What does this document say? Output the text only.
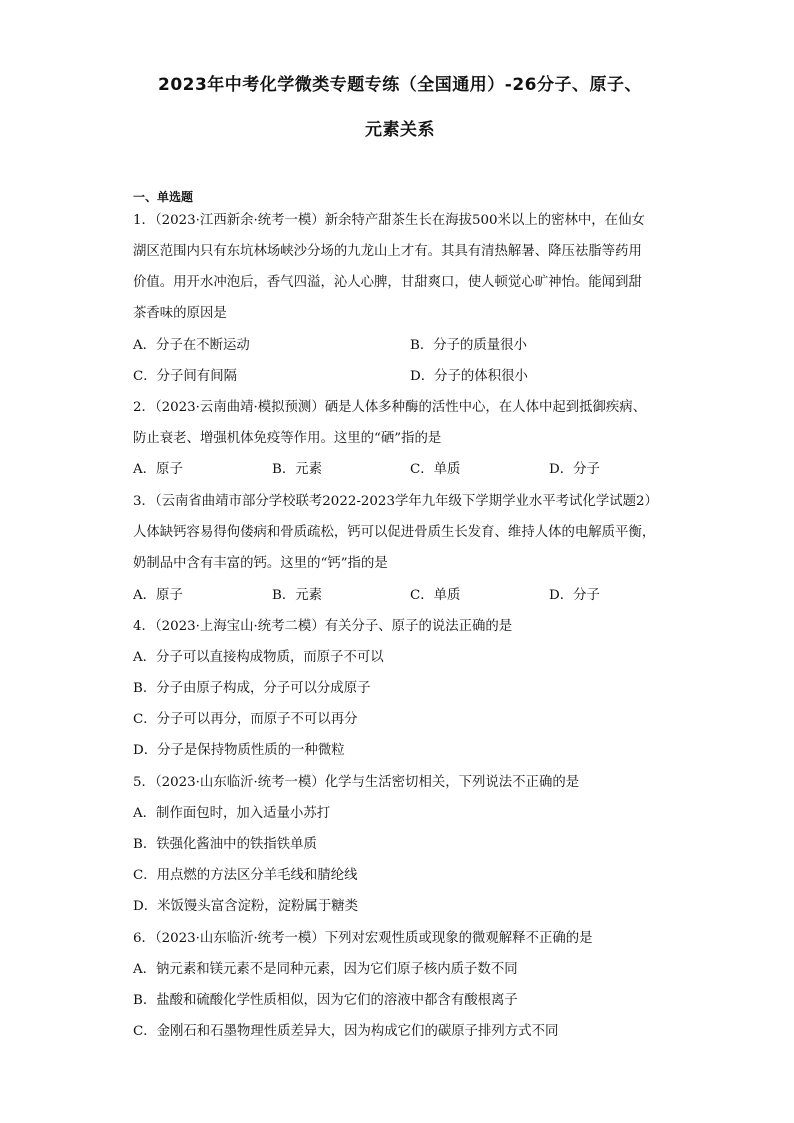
2023年中考化学微类专题专练（全国通用）-26分子、原子、
元素关系
一、单选题
1．（2023·江西新余·统考一模）新余特产甜茶生长在海拔500米以上的密林中，在仙女
湖区范围内只有东坑林场峡沙分场的九龙山上才有。其具有清热解暑、降压祛脂等药用
价值。用开水冲泡后，香气四溢，沁人心脾，甘甜爽口，使人顿觉心旷神怡。能闻到甜
茶香味的原因是
A．分子在不断运动	B．分子的质量很小
C．分子间有间隔	D．分子的体积很小
2．（2023·云南曲靖·模拟预测）硒是人体多种酶的活性中心，在人体中起到抵御疾病、
防止衰老、增强机体免疫等作用。这里的“硒”指的是
A．原子	B．元素	C．单质	D．分子
3．（云南省曲靖市部分学校联考2022-2023学年九年级下学期学业水平考试化学试题2）
人体缺钙容易得佝偻病和骨质疏松，钙可以促进骨质生长发育、维持人体的电解质平衡，
奶制品中含有丰富的钙。这里的“钙”指的是
A．原子	B．元素	C．单质	D．分子
4．（2023·上海宝山·统考二模）有关分子、原子的说法正确的是
A．分子可以直接构成物质，而原子不可以
B．分子由原子构成，分子可以分成原子
C．分子可以再分，而原子不可以再分
D．分子是保持物质性质的一种微粒
5．（2023·山东临沂·统考一模）化学与生活密切相关，下列说法不正确的是
A．制作面包时，加入适量小苏打
B．铁强化酱油中的铁指铁单质
C．用点燃的方法区分羊毛线和腈纶线
D．米饭馒头富含淀粉，淀粉属于糖类
6．（2023·山东临沂·统考一模）下列对宏观性质或现象的微观解释不正确的是
A．钠元素和镁元素不是同种元素，因为它们原子核内质子数不同
B．盐酸和硫酸化学性质相似，因为它们的溶液中都含有酸根离子
C．金刚石和石墨物理性质差异大，因为构成它们的碳原子排列方式不同
